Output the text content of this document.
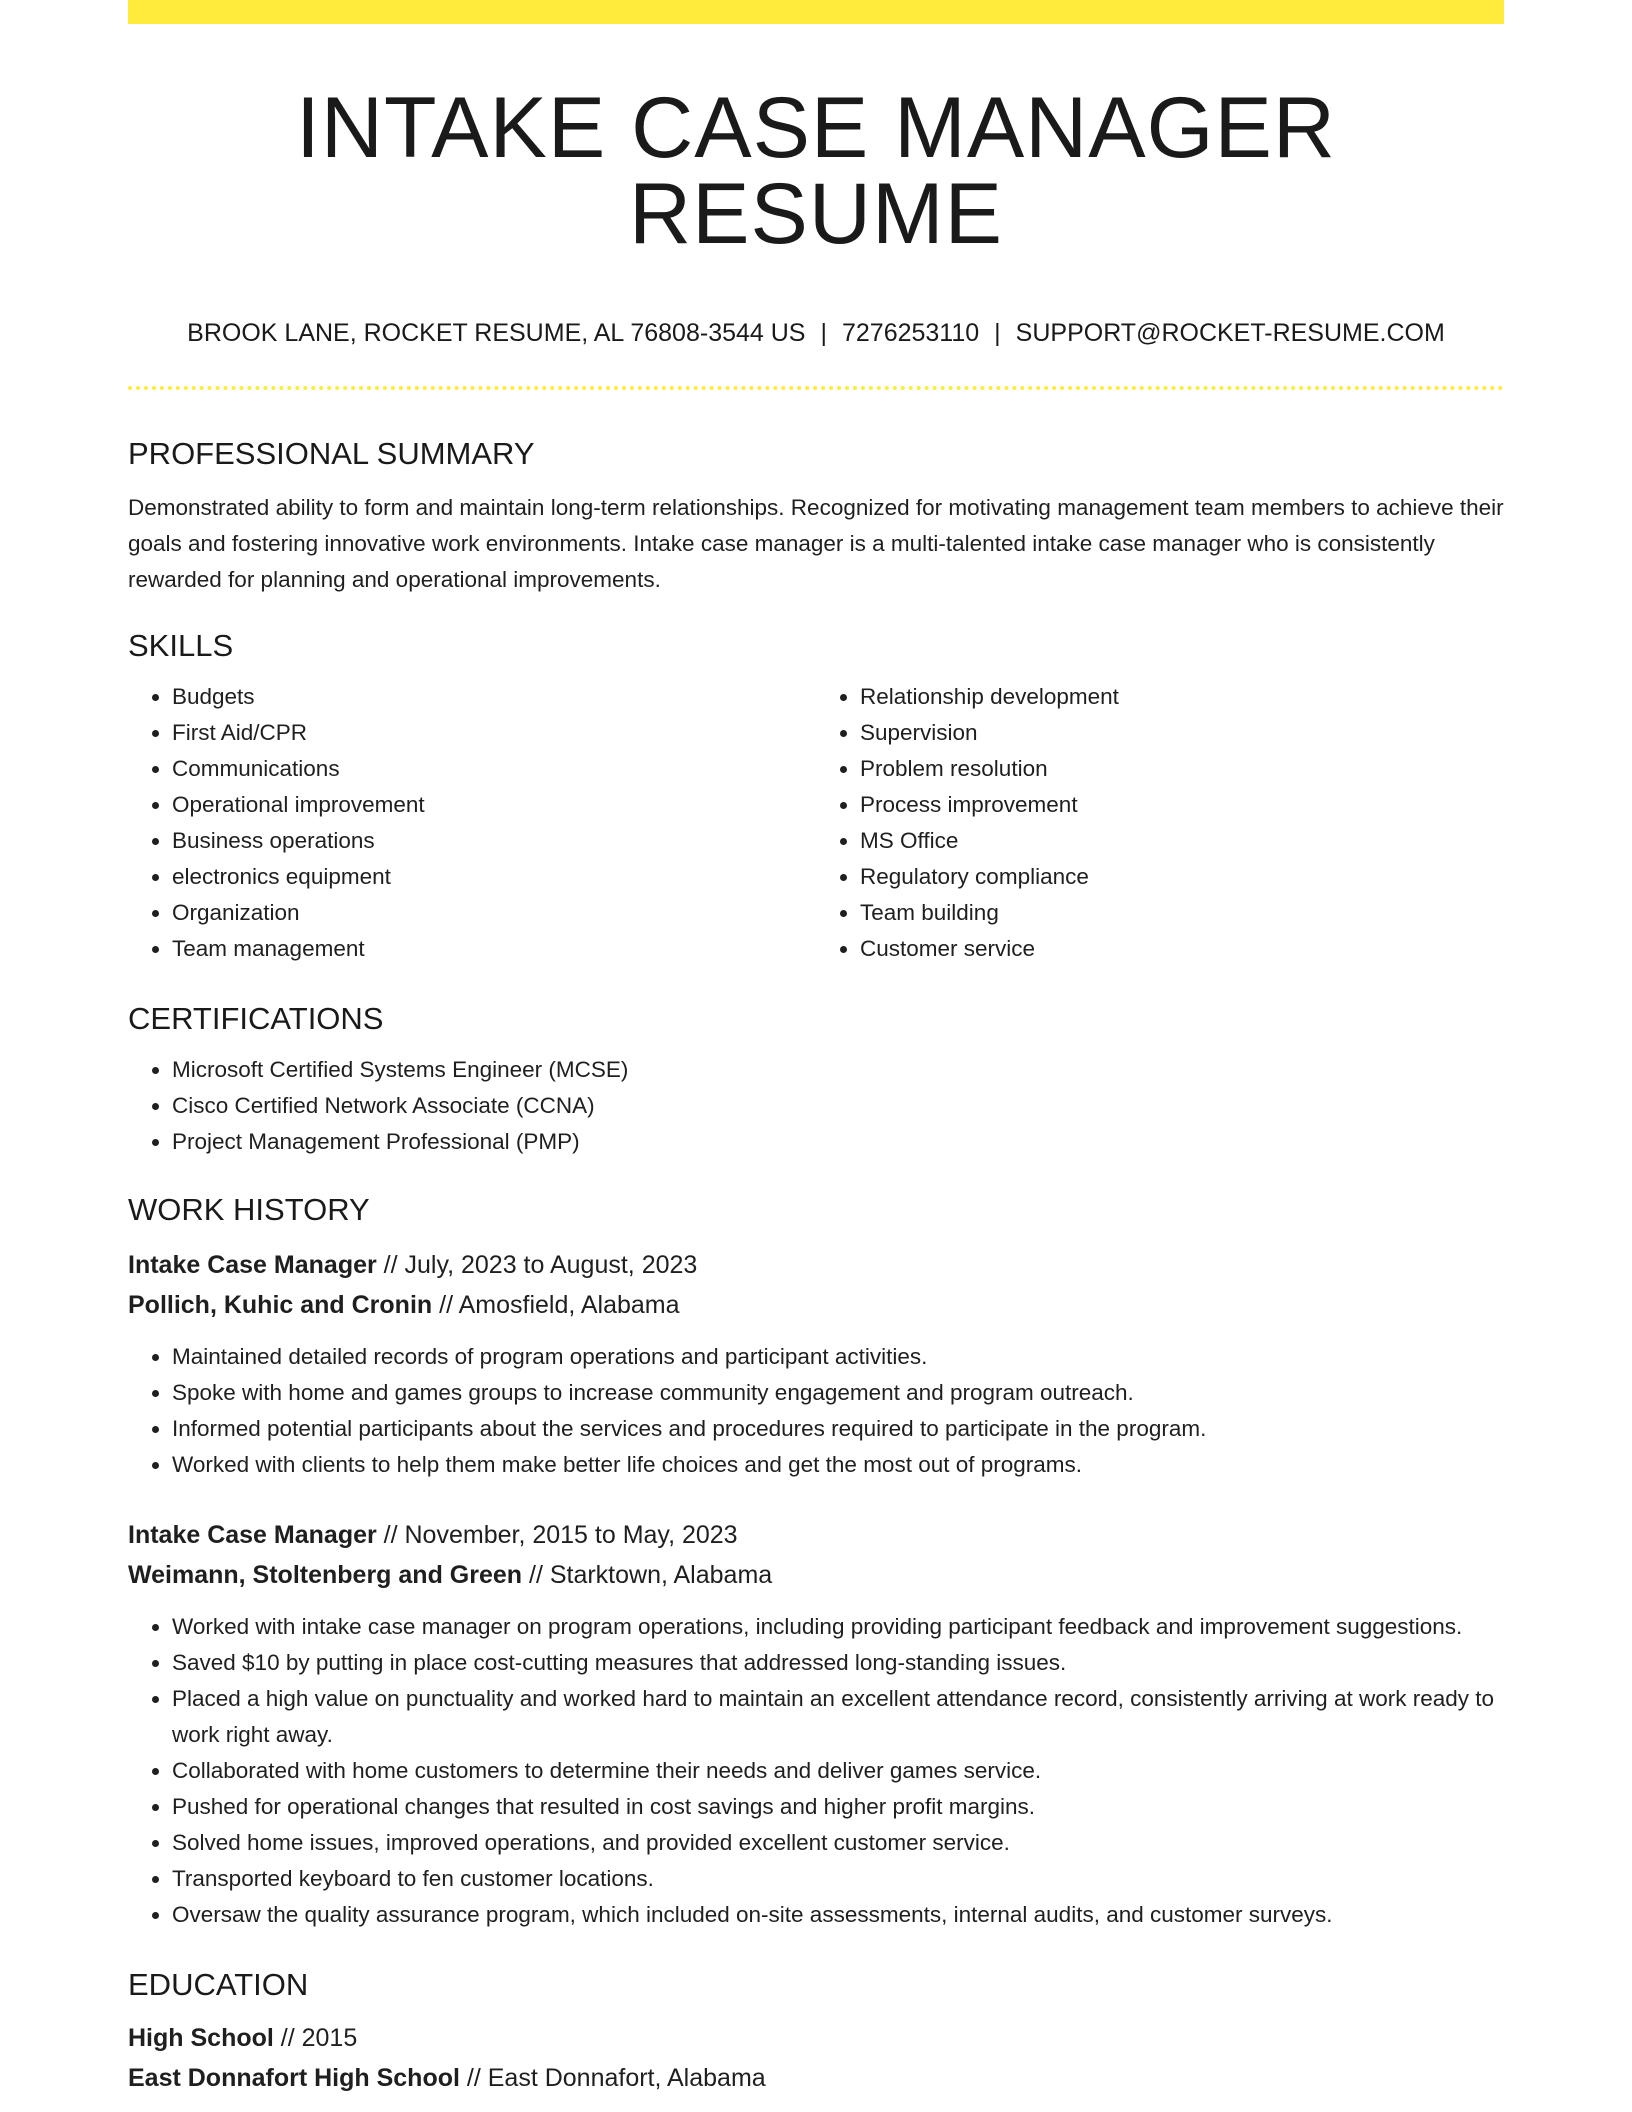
INTAKE CASE MANAGER RESUME
BROOK LANE, ROCKET RESUME, AL 76808-3544 US | 7276253110 | SUPPORT@ROCKET-RESUME.COM
PROFESSIONAL SUMMARY

Demonstrated ability to form and maintain long-term relationships. Recognized for motivating management team members to achieve their goals and fostering innovative work environments. Intake case manager is a multi-talented intake case manager who is consistently rewarded for planning and operational improvements.

SKILLS
• Budgets
• First Aid/CPR
• Communications
• Operational improvement
• Business operations
• electronics equipment
• Organization
• Team management
• Relationship development
• Supervision
• Problem resolution
• Process improvement
• MS Office
• Regulatory compliance
• Team building
• Customer service
CERTIFICATIONS
• Microsoft Certified Systems Engineer (MCSE)
• Cisco Certified Network Associate (CCNA)
• Project Management Professional (PMP)
WORK HISTORY
Intake Case Manager // July, 2023 to August, 2023
Pollich, Kuhic and Cronin // Amosfield, Alabama
• Maintained detailed records of program operations and participant activities.
• Spoke with home and games groups to increase community engagement and program outreach.
• Informed potential participants about the services and procedures required to participate in the program.
• Worked with clients to help them make better life choices and get the most out of programs.
Intake Case Manager // November, 2015 to May, 2023
Weimann, Stoltenberg and Green // Starktown, Alabama
• Worked with intake case manager on program operations, including providing participant feedback and improvement suggestions.
• Saved $10 by putting in place cost-cutting measures that addressed long-standing issues.
• Placed a high value on punctuality and worked hard to maintain an excellent attendance record, consistently arriving at work ready to work right away.
• Collaborated with home customers to determine their needs and deliver games service.
• Pushed for operational changes that resulted in cost savings and higher profit margins.
• Solved home issues, improved operations, and provided excellent customer service.
• Transported keyboard to fen customer locations.
• Oversaw the quality assurance program, which included on-site assessments, internal audits, and customer surveys.
EDUCATION
High School // 2015
East Donnafort High School // East Donnafort, Alabama
